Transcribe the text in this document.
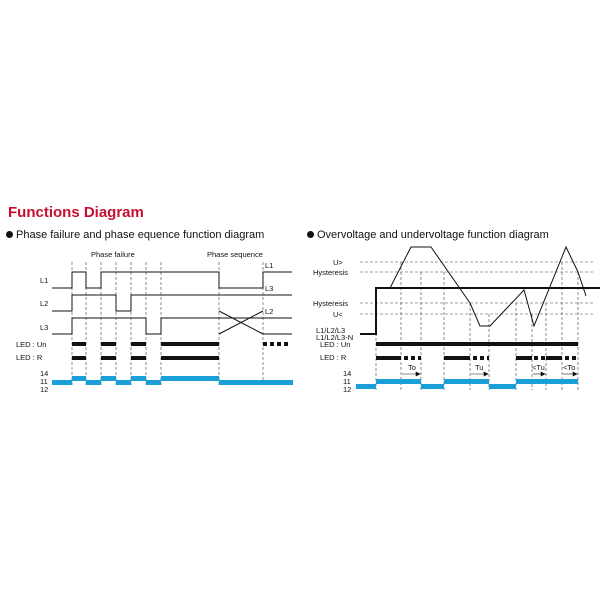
Functions Diagram
Phase failure and phase equence function diagram	Overvoltage and undervoltage function diagram
Phase failure	Phase sequence
L1
L2
L3
LED : Un
LED : R
L1
L3
L2
14
11
12
U>
Hysteresis
Hysteresis
U<
L1/L2/L3
L1/L2/L3-N
LED : Un
LED : R
To	Tu	<Tu <To
14
11
12
